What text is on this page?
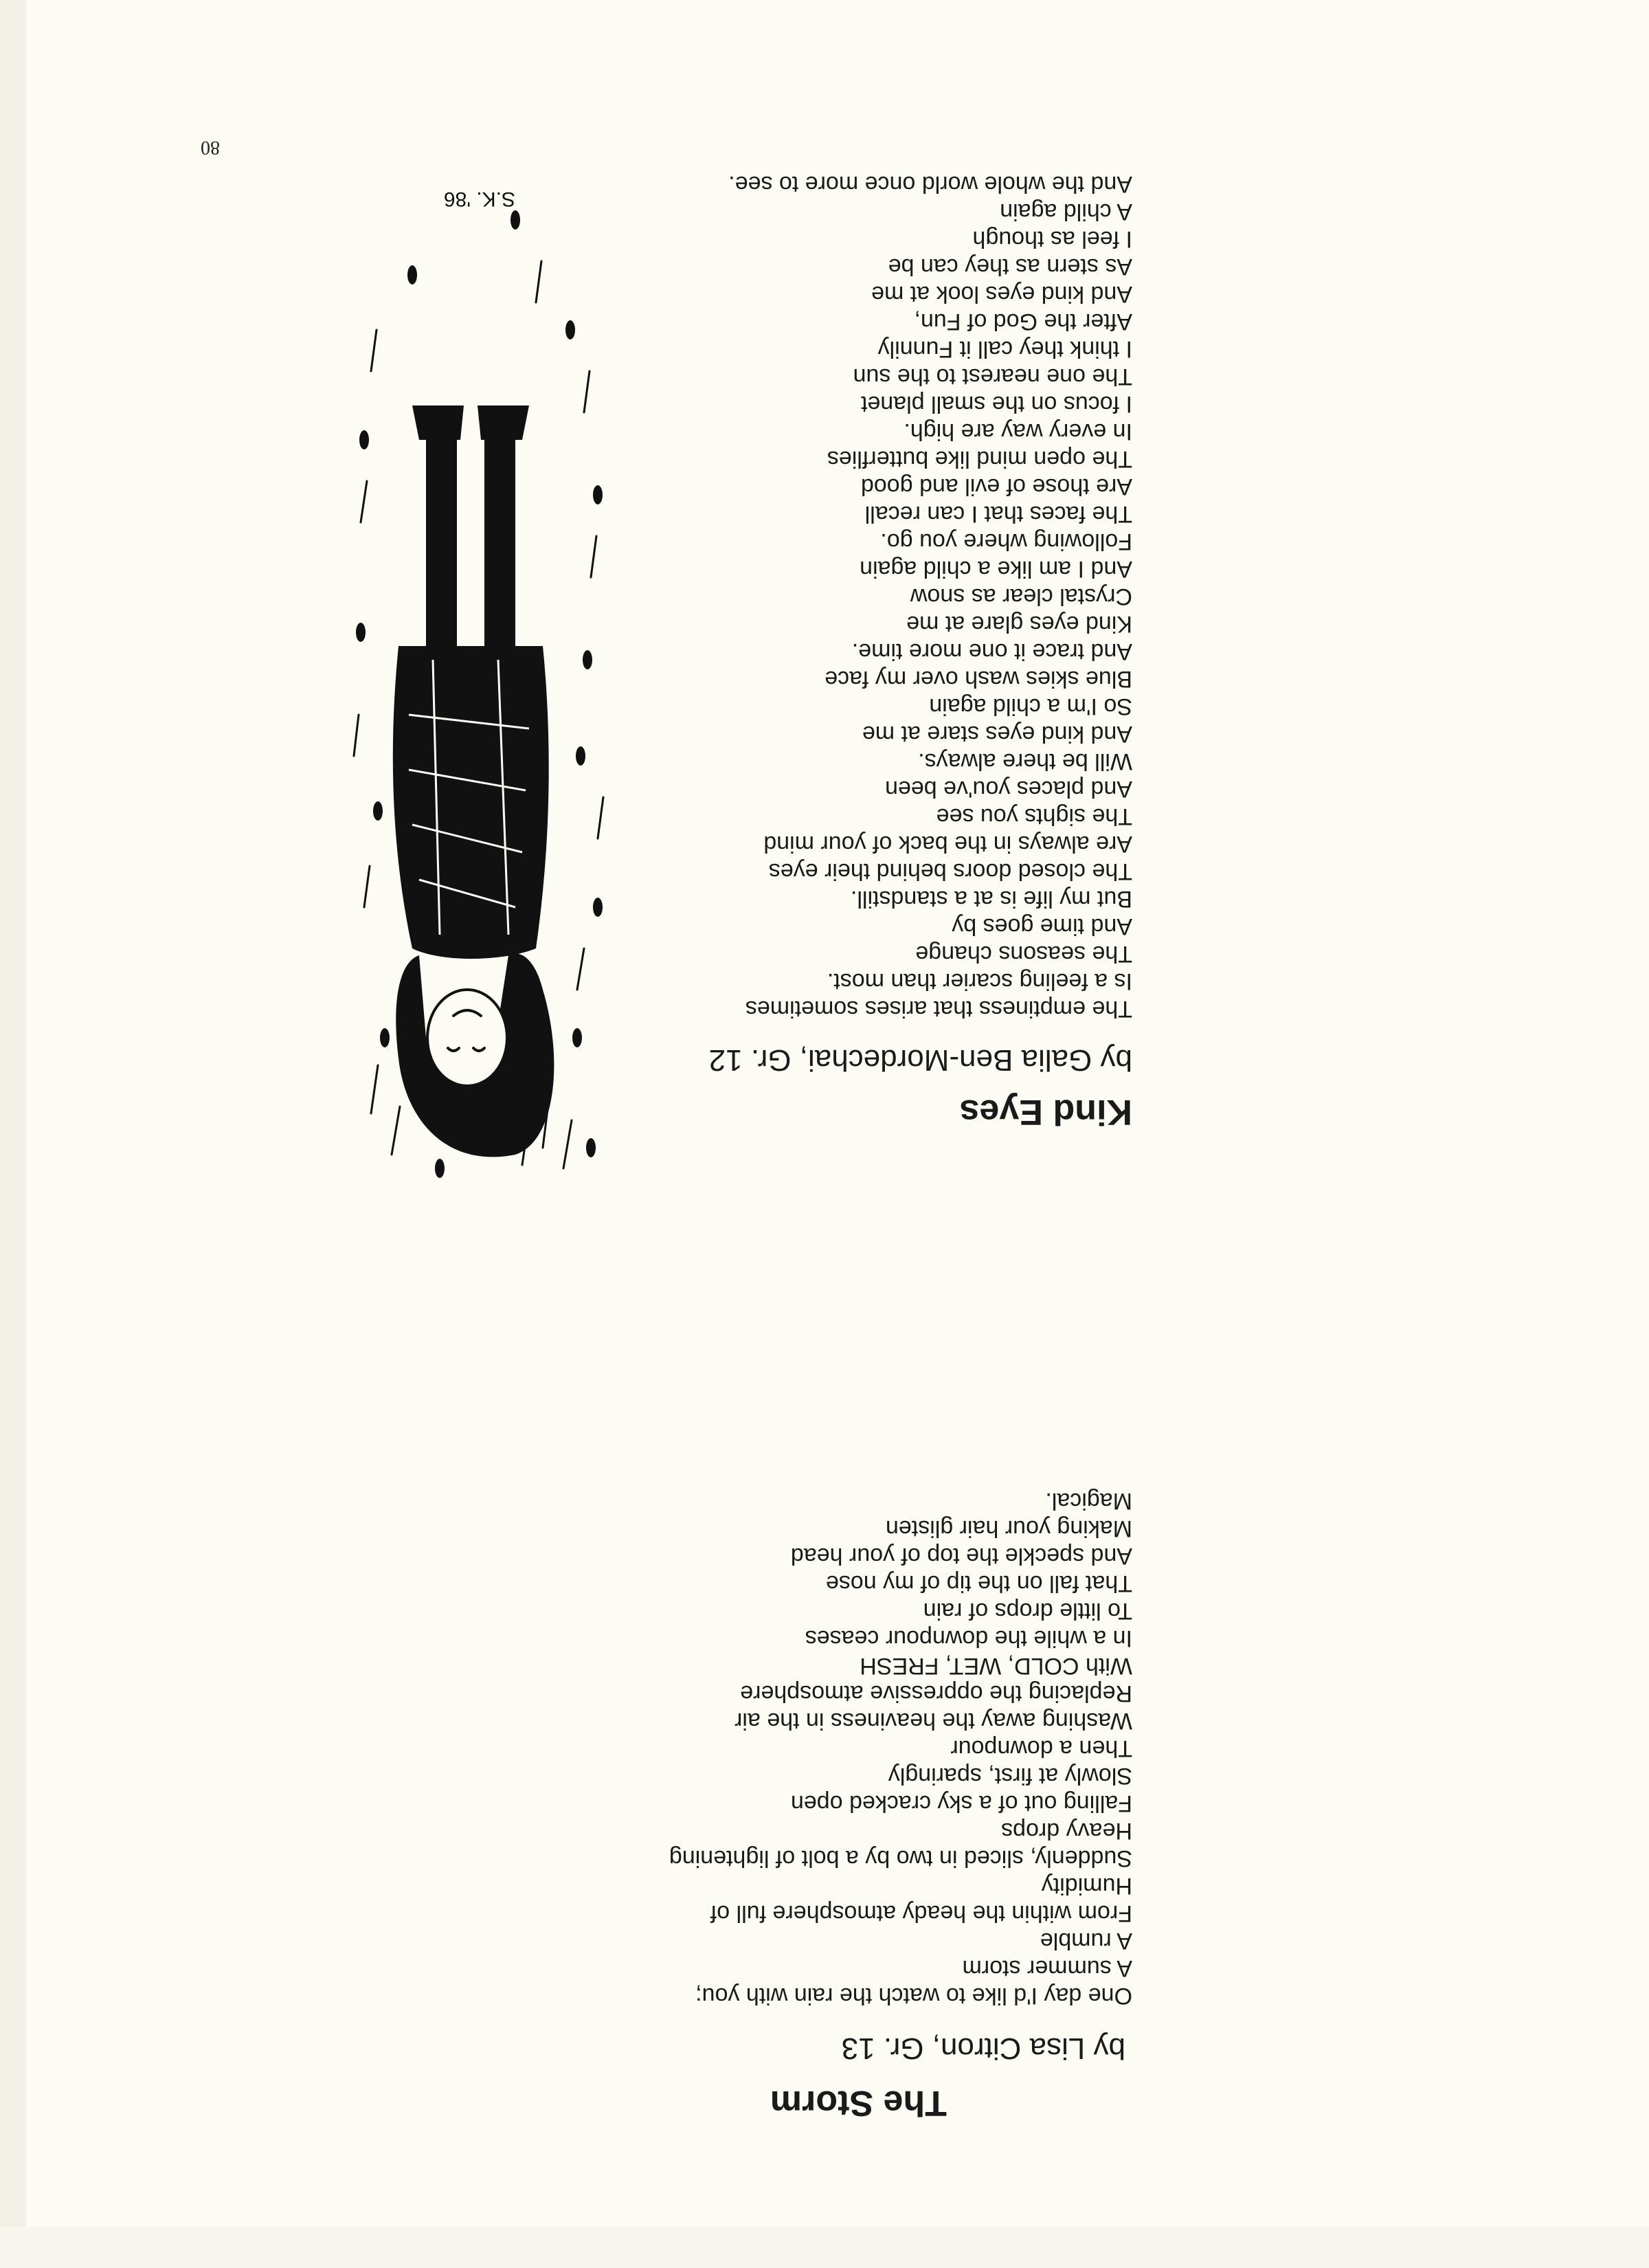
80
Kind Eyes
by Galia Ben-Mordechai, Gr. 12
The emptiness that arises sometimes
Is a feeling scarier than most.
The seasons change
And time goes by
But my life is at a standstill.
The closed doors behind their eyes
Are always in the back of your mind
The sights you see
And places you've been
Will be there always.
And kind eyes stare at me
So I'm a child again
Blue skies wash over my face
And trace it one more time.
Kind eyes glare at me
Crystal clear as snow
And I am like a child again
Following where you go.
The faces that I can recall
Are those of evil and good
The open mind like butterflies
In every way are high.
I focus on the small planet
The one nearest to the sun
I think they call it Funnily
After the God of Fun,
And kind eyes look at me
As stern as they can be
I feel as though
A child again
And the whole world once more to see.
The Storm
by Lisa Citron, Gr. 13
One day I'd like to watch the rain with you;
A summer storm
A rumble
From within the heady atmosphere full of
Humidity
Suddenly, sliced in two by a bolt of lightening
Heavy drops
Falling out of a sky cracked open
Slowly at first, sparingly
Then a downpour
Washing away the heaviness in the air
Replacing the oppressive atmosphere
With COLD, WET, FRESH
In a while the downpour ceases
To little drops of rain
That fall on the tip of my nose
And speckle the top of your head
Making your hair glisten
Magical.
S.K. '86
